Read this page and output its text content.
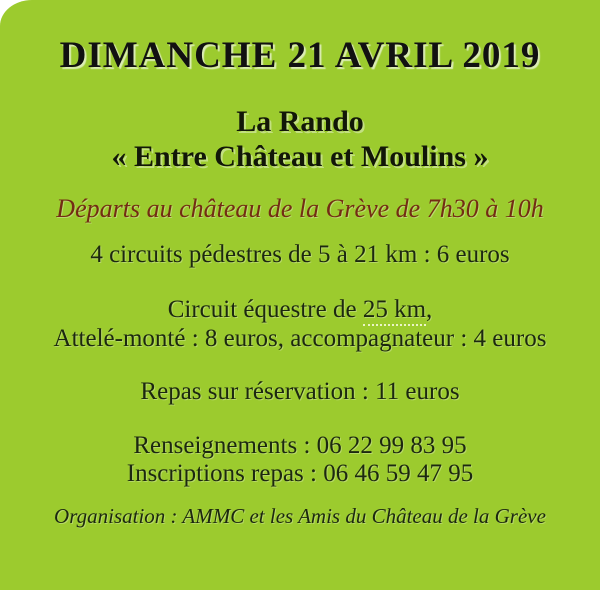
DIMANCHE 21 AVRIL 2019
La Rando
« Entre Château et Moulins »

Départs au château de la Grève de 7h30 à 10h

4 circuits pédestres de 5 à 21 km : 6 euros

Circuit équestre de 25 km,
Attelé-monté : 8 euros, accompagnateur : 4 euros

Repas sur réservation : 11 euros

Renseignements : 06 22 99 83 95
Inscriptions repas : 06 46 59 47 95

Organisation : AMMC et les Amis du Château de la Grève
